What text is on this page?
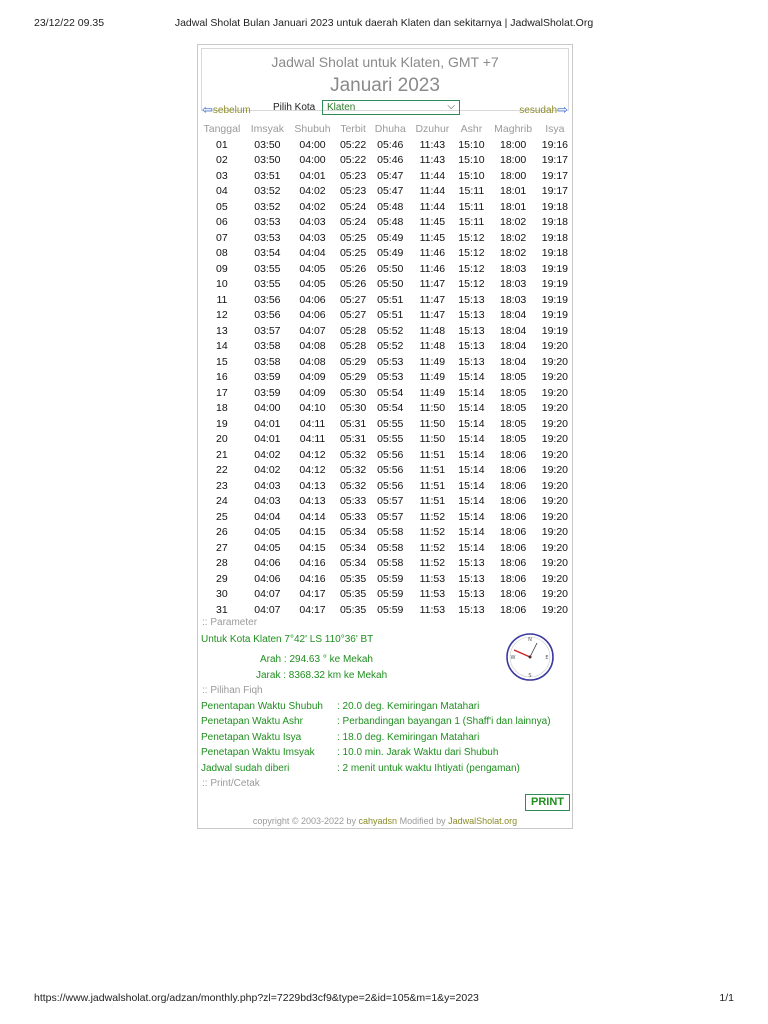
23/12/22 09.35	Jadwal Sholat Bulan Januari 2023 untuk daerah Klaten dan sekitarnya | JadwalSholat.Org
Jadwal Sholat untuk Klaten, GMT +7
Januari 2023
⇦sebelum Pilih Kota	Klaten	⌵	sesudah⇨
Tanggal	Imsyak	Shubuh	Terbit	Dhuha	Dzuhur	Ashr	Maghrib	Isya
01	03:50	04:00	05:22	05:46	11:43	15:10	18:00	19:16
02	03:50	04:00	05:22	05:46	11:43	15:10	18:00	19:17
03	03:51	04:01	05:23	05:47	11:44	15:10	18:00	19:17
04	03:52	04:02	05:23	05:47	11:44	15:11	18:01	19:17
05	03:52	04:02	05:24	05:48	11:44	15:11	18:01	19:18
06	03:53	04:03	05:24	05:48	11:45	15:11	18:02	19:18
07	03:53	04:03	05:25	05:49	11:45	15:12	18:02	19:18
08	03:54	04:04	05:25	05:49	11:46	15:12	18:02	19:18
09	03:55	04:05	05:26	05:50	11:46	15:12	18:03	19:19
10	03:55	04:05	05:26	05:50	11:47	15:12	18:03	19:19
11	03:56	04:06	05:27	05:51	11:47	15:13	18:03	19:19
12	03:56	04:06	05:27	05:51	11:47	15:13	18:04	19:19
13	03:57	04:07	05:28	05:52	11:48	15:13	18:04	19:19
14	03:58	04:08	05:28	05:52	11:48	15:13	18:04	19:20
15	03:58	04:08	05:29	05:53	11:49	15:13	18:04	19:20
16	03:59	04:09	05:29	05:53	11:49	15:14	18:05	19:20
17	03:59	04:09	05:30	05:54	11:49	15:14	18:05	19:20
18	04:00	04:10	05:30	05:54	11:50	15:14	18:05	19:20
19	04:01	04:11	05:31	05:55	11:50	15:14	18:05	19:20
20	04:01	04:11	05:31	05:55	11:50	15:14	18:05	19:20
21	04:02	04:12	05:32	05:56	11:51	15:14	18:06	19:20
22	04:02	04:12	05:32	05:56	11:51	15:14	18:06	19:20
23	04:03	04:13	05:32	05:56	11:51	15:14	18:06	19:20
24	04:03	04:13	05:33	05:57	11:51	15:14	18:06	19:20
25	04:04	04:14	05:33	05:57	11:52	15:14	18:06	19:20
26	04:05	04:15	05:34	05:58	11:52	15:14	18:06	19:20
27	04:05	04:15	05:34	05:58	11:52	15:14	18:06	19:20
28	04:06	04:16	05:34	05:58	11:52	15:13	18:06	19:20
29	04:06	04:16	05:35	05:59	11:53	15:13	18:06	19:20
30	04:07	04:17	05:35	05:59	11:53	15:13	18:06	19:20
31	04:07	04:17	05:35	05:59	11:53	15:13	18:06	19:20
:: Parameter
Untuk Kota Klaten 7°42' LS 110°36' BT
Arah : 294.63 ° ke Mekah
Jarak : 8368.32 km ke Mekah
N
E
S
W
:: Pilihan Fiqh
Penentapan Waktu Shubuh : 20.0 deg. Kemiringan Matahari
Penetapan Waktu Ashr	: Perbandingan bayangan 1 (Shaff'i dan lainnya)
Penetapan Waktu Isya	: 18.0 deg. Kemiringan Matahari
Penetapan Waktu Imsyak : 10.0 min. Jarak Waktu dari Shubuh
Jadwal sudah diberi	: 2 menit untuk waktu Ihtiyati (pengaman)
:: Print/Cetak
PRINT
copyright © 2003-2022 by cahyadsn Modified by JadwalSholat.org
https://www.jadwalsholat.org/adzan/monthly.php?zl=7229bd3cf9&type=2&id=105&m=1&y=2023	1/1
